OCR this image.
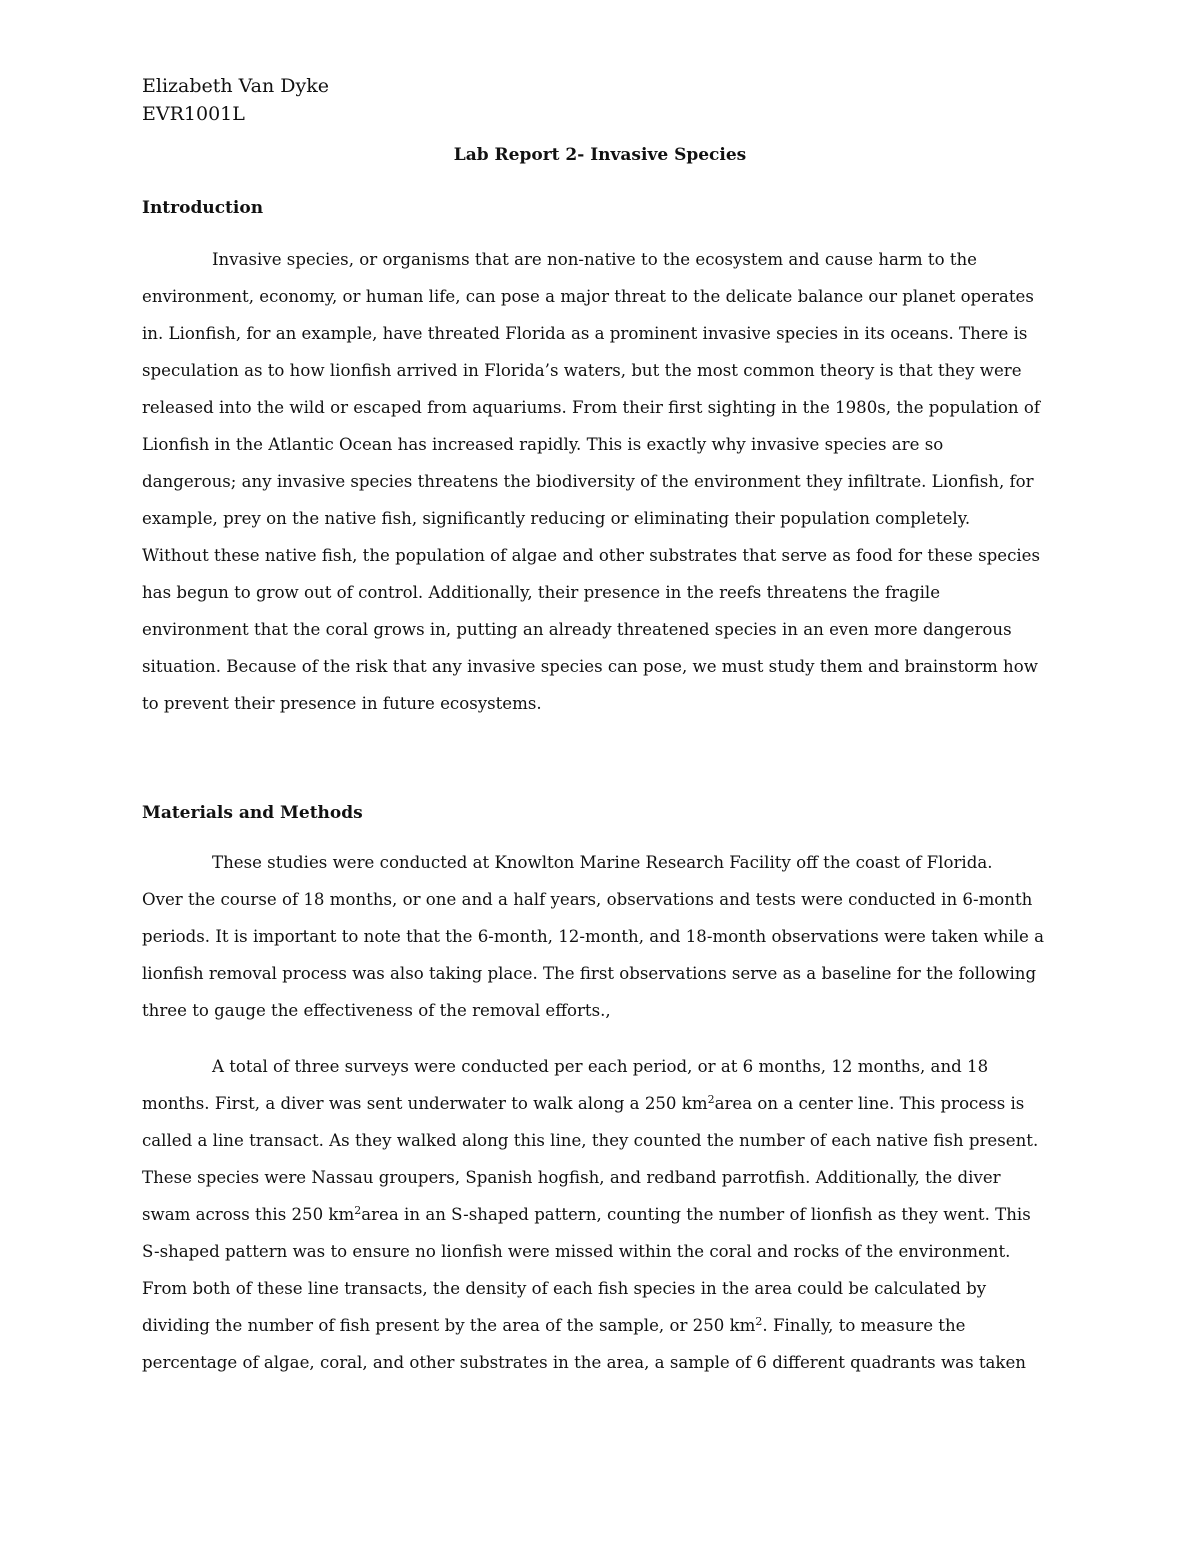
Elizabeth Van Dyke
EVR1001L
Lab Report 2- Invasive Species
Introduction
Invasive species, or organisms that are non-native to the ecosystem and cause harm to the
environment, economy, or human life, can pose a major threat to the delicate balance our planet operates
in. Lionfish, for an example, have threated Florida as a prominent invasive species in its oceans. There is
speculation as to how lionfish arrived in Florida’s waters, but the most common theory is that they were
released into the wild or escaped from aquariums. From their first sighting in the 1980s, the population of
Lionfish in the Atlantic Ocean has increased rapidly. This is exactly why invasive species are so
dangerous; any invasive species threatens the biodiversity of the environment they infiltrate. Lionfish, for
example, prey on the native fish, significantly reducing or eliminating their population completely.
Without these native fish, the population of algae and other substrates that serve as food for these species
has begun to grow out of control. Additionally, their presence in the reefs threatens the fragile
environment that the coral grows in, putting an already threatened species in an even more dangerous
situation. Because of the risk that any invasive species can pose, we must study them and brainstorm how
to prevent their presence in future ecosystems.
Materials and Methods
These studies were conducted at Knowlton Marine Research Facility off the coast of Florida.
Over the course of 18 months, or one and a half years, observations and tests were conducted in 6-month
periods. It is important to note that the 6-month, 12-month, and 18-month observations were taken while a
lionfish removal process was also taking place. The first observations serve as a baseline for the following
three to gauge the effectiveness of the removal efforts.,
A total of three surveys were conducted per each period, or at 6 months, 12 months, and 18
months. First, a diver was sent underwater to walk along a 250 $km^2area$ on a center line. This process is
called a line transact. As they walked along this line, they counted the number of each native fish present.
These species were Nassau groupers, Spanish hogfish, and redband parrotfish. Additionally, the diver
swam across this 250 $km^2area$ in an S-shaped pattern, counting the number of lionfish as they went. This
S-shaped pattern was to ensure no lionfish were missed within the coral and rocks of the environment.
From both of these line transacts, the density of each fish species in the area could be calculated by
dividing the number of fish present by the area of the sample, or 250 $km^2$. Finally, to measure the
percentage of algae, coral, and other substrates in the area, a sample of 6 different quadrants was taken
